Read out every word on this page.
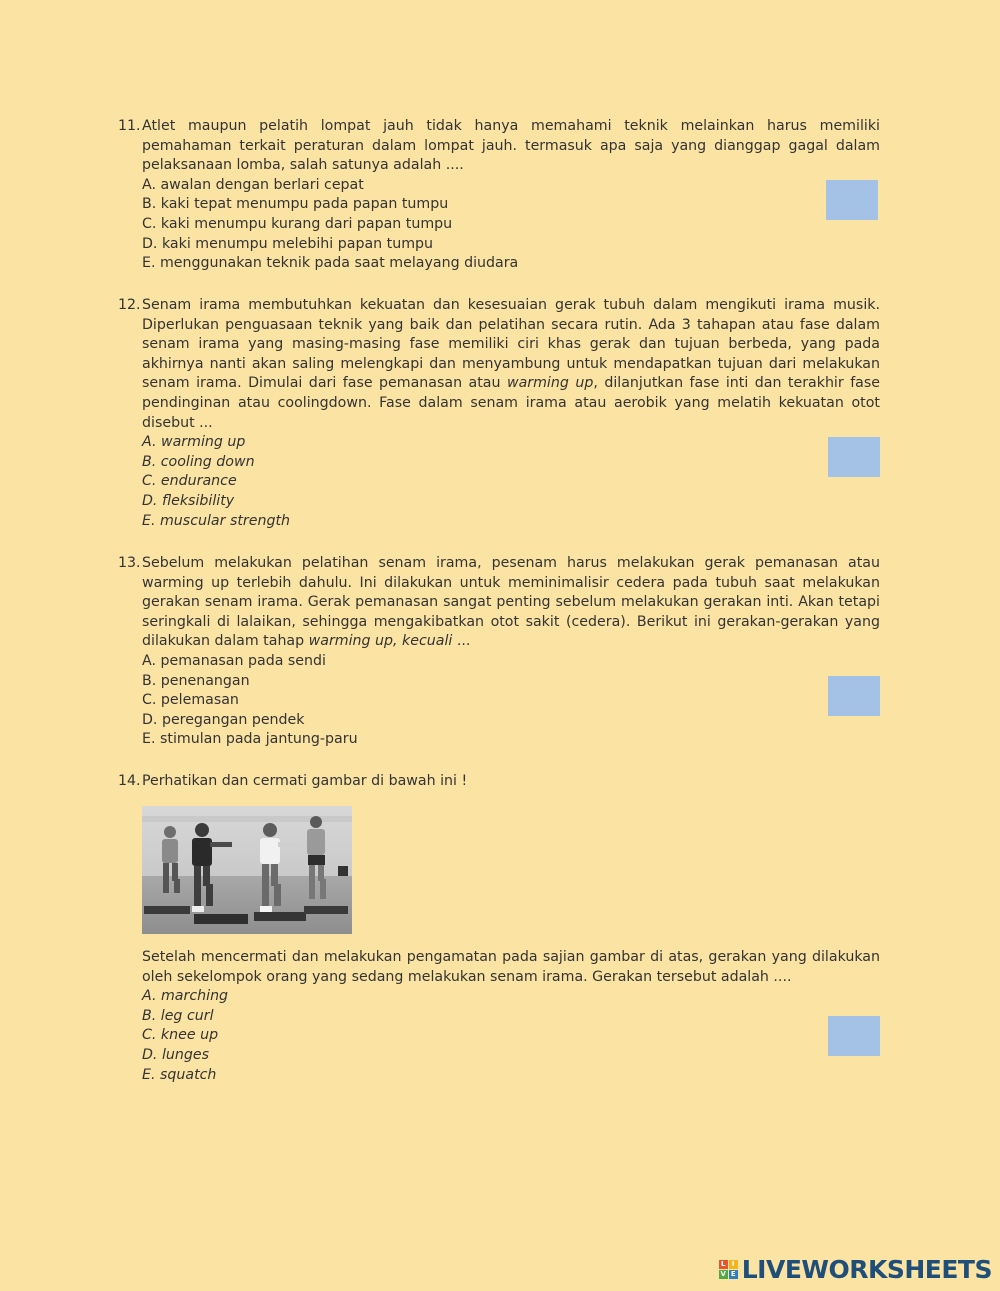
11. Atlet maupun pelatih lompat jauh tidak hanya memahami teknik melainkan harus memiliki pemahaman terkait peraturan dalam lompat jauh. termasuk apa saja yang dianggap gagal dalam pelaksanaan lomba, salah satunya adalah ....
A. awalan dengan berlari cepat
B. kaki tepat menumpu pada papan tumpu
C. kaki menumpu kurang dari papan tumpu
D. kaki menumpu melebihi papan tumpu
E. menggunakan teknik pada saat melayang diudara
12. Senam irama membutuhkan kekuatan dan kesesuaian gerak tubuh dalam mengikuti irama musik. Diperlukan penguasaan teknik yang baik dan pelatihan secara rutin. Ada 3 tahapan atau fase dalam senam irama yang masing-masing fase memiliki ciri khas gerak dan tujuan berbeda, yang pada akhirnya nanti akan saling melengkapi dan menyambung untuk mendapatkan tujuan dari melakukan senam irama. Dimulai dari fase pemanasan atau warming up, dilanjutkan fase inti dan terakhir fase pendinginan atau coolingdown. Fase dalam senam irama atau aerobik yang melatih kekuatan otot disebut ...
A. warming up
B. cooling down
C. endurance
D. fleksibility
E. muscular strength
13. Sebelum melakukan pelatihan senam irama, pesenam harus melakukan gerak pemanasan atau warming up terlebih dahulu. Ini dilakukan untuk meminimalisir cedera pada tubuh saat melakukan gerakan senam irama. Gerak pemanasan sangat penting sebelum melakukan gerakan inti. Akan tetapi seringkali di lalaikan, sehingga mengakibatkan otot sakit (cedera). Berikut ini gerakan-gerakan yang dilakukan dalam tahap warming up, kecuali ...
A. pemanasan pada sendi
B. penenangan
C. pelemasan
D. peregangan pendek
E. stimulan pada jantung-paru
14. Perhatikan dan cermati gambar di bawah ini !
Setelah mencermati dan melakukan pengamatan pada sajian gambar di atas, gerakan yang dilakukan oleh sekelompok orang yang sedang melakukan senam irama. Gerakan tersebut adalah ....
A. marching
B. leg curl
C. knee up
D. lunges
E. squatch
L I
V E LIVEWORKSHEETS
